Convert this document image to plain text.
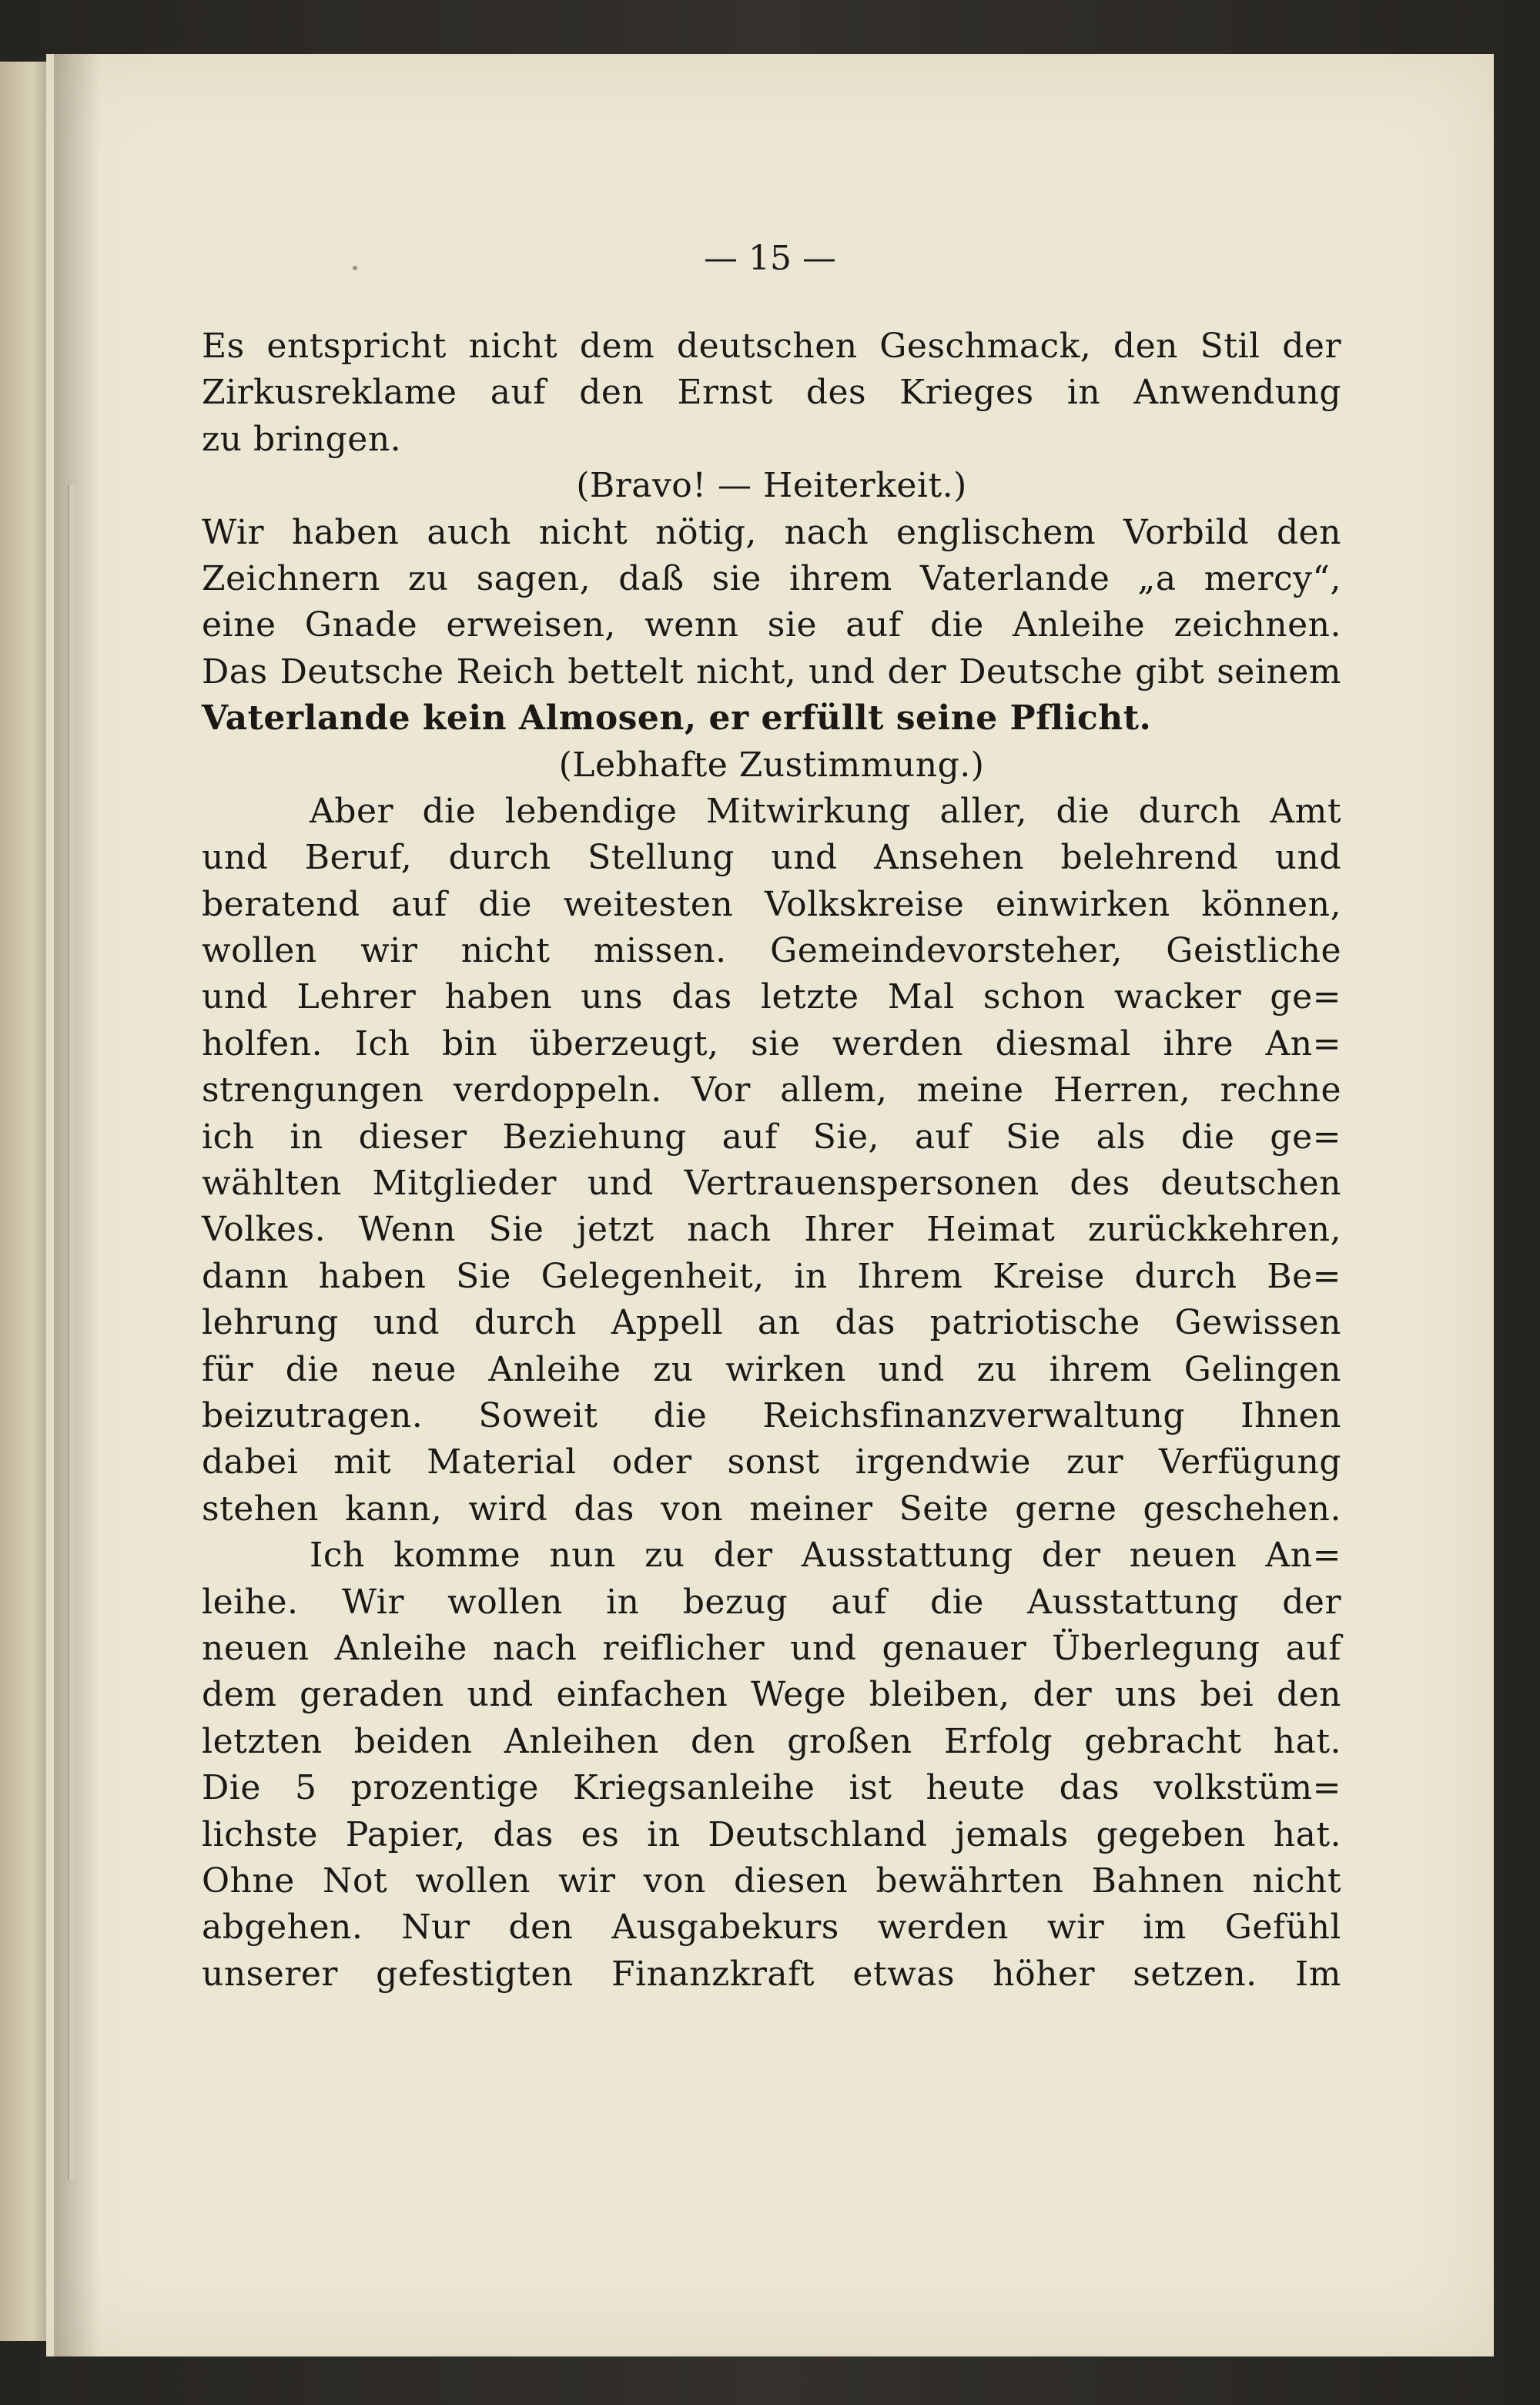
— 15 —
Es entspricht nicht dem deutschen Geschmack, den Stil der
Zirkusreklame auf den Ernst des Krieges in Anwendung
zu bringen.
(Bravo! — Heiterkeit.)
Wir haben auch nicht nötig, nach englischem Vorbild den
Zeichnern zu sagen, daß sie ihrem Vaterlande „a mercy“,
eine Gnade erweisen, wenn sie auf die Anleihe zeichnen.
Das Deutsche Reich bettelt nicht, und der Deutsche gibt seinem
Vaterlande kein Almosen, er erfüllt seine Pflicht.
(Lebhafte Zustimmung.)
Aber die lebendige Mitwirkung aller, die durch Amt
und Beruf, durch Stellung und Ansehen belehrend und
beratend auf die weitesten Volkskreise einwirken können,
wollen wir nicht missen. Gemeindevorsteher, Geistliche
und Lehrer haben uns das letzte Mal schon wacker ge=
holfen. Ich bin überzeugt, sie werden diesmal ihre An=
strengungen verdoppeln. Vor allem, meine Herren, rechne
ich in dieser Beziehung auf Sie, auf Sie als die ge=
wählten Mitglieder und Vertrauenspersonen des deutschen
Volkes. Wenn Sie jetzt nach Ihrer Heimat zurückkehren,
dann haben Sie Gelegenheit, in Ihrem Kreise durch Be=
lehrung und durch Appell an das patriotische Gewissen
für die neue Anleihe zu wirken und zu ihrem Gelingen
beizutragen. Soweit die Reichsfinanzverwaltung Ihnen
dabei mit Material oder sonst irgendwie zur Verfügung
stehen kann, wird das von meiner Seite gerne geschehen.
Ich komme nun zu der Ausstattung der neuen An=
leihe. Wir wollen in bezug auf die Ausstattung der
neuen Anleihe nach reiflicher und genauer Überlegung auf
dem geraden und einfachen Wege bleiben, der uns bei den
letzten beiden Anleihen den großen Erfolg gebracht hat.
Die 5 prozentige Kriegsanleihe ist heute das volkstüm=
lichste Papier, das es in Deutschland jemals gegeben hat.
Ohne Not wollen wir von diesen bewährten Bahnen nicht
abgehen. Nur den Ausgabekurs werden wir im Gefühl
unserer gefestigten Finanzkraft etwas höher setzen. Im
